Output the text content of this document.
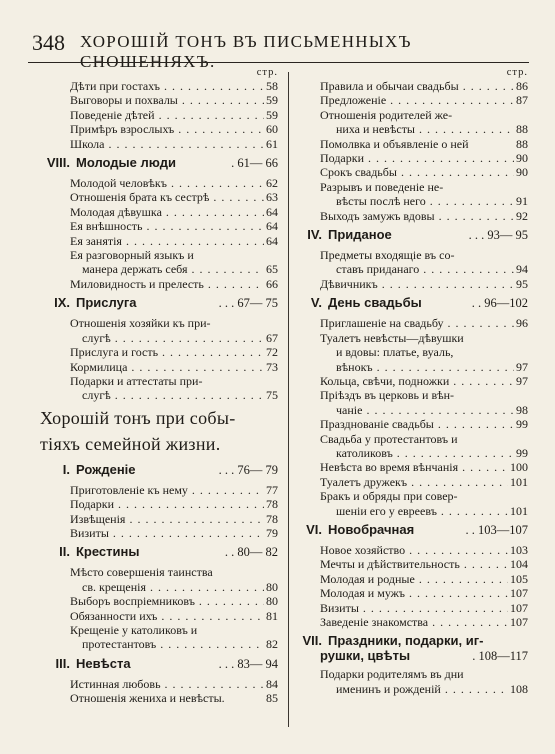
348 ХОРОШІЙ ТОНЪ ВЪ ПИСЬМЕННЫХЪ СНОШЕНІЯХЪ.
стр.
Дѣти при гостахъ . . .	58
Выговоры и похвалы . . .	59
Поведеніе дѣтей . . .	59
Примѣръ взрослыхъ . . .	60
Школа . . .	61
VIII. Молодые люди	. 61— 66
Молодой человѣкъ . . .	62
Отношенія брата къ сестрѣ . . .	63
Молодая дѣвушка . . .	64
Ея внѣшность . . .	64
Ея занятія . . .	64
Ея разговорный языкъ и
манера держать себя . . .	65
Миловидность и прелесть . . .	66
IX. Прислуга	. . . 67— 75
Отношенія хозяйки къ при-
слугѣ . . .	67
Прислуга и гость . . .	72
Кормилица . . .	73
Подарки и аттестаты при-
слугѣ . . .	75
Хорошій тонъ при собы-
тіяхъ семейной жизни.
I. Рожденіе	. . . 76— 79
Приготовленіе къ нему . . .	77
Подарки . . .	78
Извѣщенія . . .	78
Визиты . . .	79
II. Крестины	. . 80— 82
Мѣсто совершенія таинства
св. крещенія . . .	80
Выборъ воспріемниковъ . . .	80
Обязанности ихъ . . .	81
Крещеніе у католиковъ и
протестантовъ . . .	82
III. Невѣста	. . . 83— 94
Истинная любовь . . .	84
Отношенія жениха и невѣсты.	85
стр.
Правила и обычаи свадьбы . . .	86
Предложеніе . . .	87
Отношенія родителей же-
ниха и невѣсты . . .	88
Помолвка и объявленіе о ней	88
Подарки . . .	90
Срокъ свадьбы . . .	90
Разрывъ и поведеніе не-
вѣсты послѣ него . . .	91
Выходъ замужъ вдовы . . .	92
IV. Приданое	. . . 93— 95
Предметы входящіе въ со-
ставъ приданаго . . .	94
Дѣвичникъ . . .	95
V. День свадьбы	. . 96—102
Приглашеніе на свадьбу . . .	96
Туалетъ невѣсты—дѣвушки
и вдовы: платье, вуаль,
вѣнокъ . . .	97
Кольца, свѣчи, подножки . . .	97
Пріѣздъ въ церковь и вѣн-
чаніе . . .	98
Празднованіе свадьбы . . .	99
Свадьба у протестантовъ и
католиковъ . . .	99
Невѣста во время вѣнчанія . . .	100
Туалетъ дружекъ . . .	101
Бракъ и обряды при совер-
шеніи его у евреевъ . . .	101
VI. Новобрачная	. . 103—107
Новое хозяйство . . .	103
Мечты и дѣйствительность . . .	104
Молодая и родные . . .	105
Молодая и мужъ . . .	107
Визиты . . .	107
Заведеніе знакомства . . .	107
VII. Праздники, подарки, иг-
рушки, цвѣты	. 108—117
Подарки родителямъ въ дни
именинъ и рожденій . . .	108
